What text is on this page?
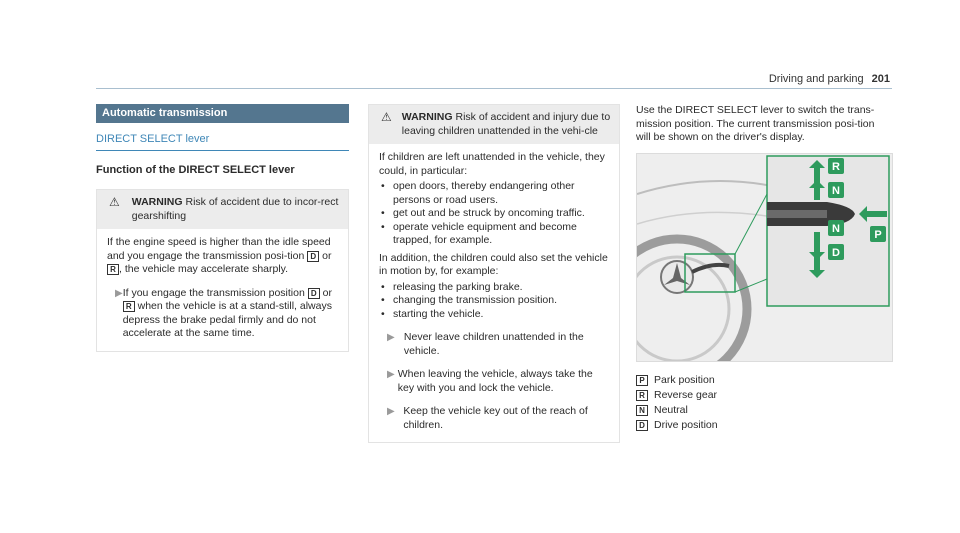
Driving and parking 201
Automatic transmission
DIRECT SELECT lever
Function of the DIRECT SELECT lever
⚠ WARNING Risk of accident due to incor-rect gearshifting
If the engine speed is higher than the idle speed and you engage the transmission posi-tion D or R , the vehicle may accelerate sharply.
▶ If you engage the transmission position D or R when the vehicle is at a stand-still, always depress the brake pedal firmly and do not accelerate at the same time.
⚠ WARNING Risk of accident and injury due to leaving children unattended in the vehi-cle
If children are left unattended in the vehicle, they could, in particular:
• open doors, thereby endangering other persons or road users.
• get out and be struck by oncoming traffic.
• operate vehicle equipment and become trapped, for example.
In addition, the children could also set the vehicle in motion by, for example:
• releasing the parking brake.
• changing the transmission position.
• starting the vehicle.
▶ Never leave children unattended in the vehicle.
▶ When leaving the vehicle, always take the key with you and lock the vehicle.
▶ Keep the vehicle key out of the reach of children.
Use the DIRECT SELECT lever to switch the trans-mission position. The current transmission posi-tion will be shown on the driver's display.
R
N
N
D
P
P Park position
R Reverse gear
N Neutral
D Drive position
